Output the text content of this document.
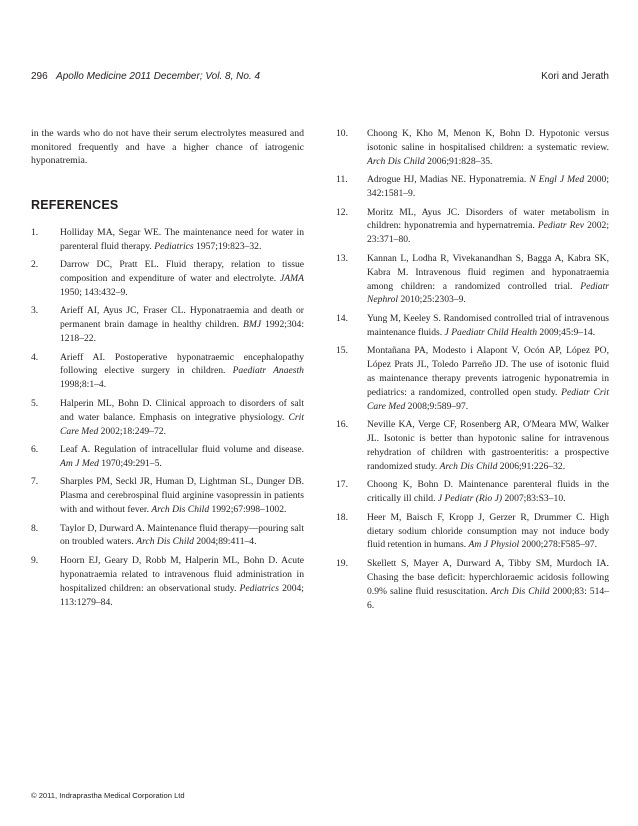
296 Apollo Medicine 2011 December; Vol. 8, No. 4	Kori and Jerath

in the wards who do not have their serum electrolytes measured and monitored frequently and have a higher chance of iatrogenic hyponatremia.

REFERENCES
1.	Holliday MA, Segar WE. The maintenance need for water in parenteral fluid therapy. Pediatrics 1957;19:823–32.
2.	Darrow DC, Pratt EL. Fluid therapy, relation to tissue composition and expenditure of water and electrolyte. JAMA 1950; 143:432–9.
3.	Arieff AI, Ayus JC, Fraser CL. Hyponatraemia and death or permanent brain damage in healthy children. BMJ 1992;304: 1218–22.
4.	Arieff AI. Postoperative hyponatraemic encephalopathy following elective surgery in children. Paediatr Anaesth 1998;8:1–4.
5.	Halperin ML, Bohn D. Clinical approach to disorders of salt and water balance. Emphasis on integrative physiology. Crit Care Med 2002;18:249–72.
6.	Leaf A. Regulation of intracellular fluid volume and disease. Am J Med 1970;49:291–5.
7.	Sharples PM, Seckl JR, Human D, Lightman SL, Dunger DB. Plasma and cerebrospinal fluid arginine vasopressin in patients with and without fever. Arch Dis Child 1992;67:998–1002.
8.	Taylor D, Durward A. Maintenance fluid therapy—pouring salt on troubled waters. Arch Dis Child 2004;89:411–4.
9.	Hoorn EJ, Geary D, Robb M, Halperin ML, Bohn D. Acute hyponatraemia related to intravenous fluid administration in hospitalized children: an observational study. Pediatrics 2004; 113:1279–84.
10.	Choong K, Kho M, Menon K, Bohn D. Hypotonic versus isotonic saline in hospitalised children: a systematic review. Arch Dis Child 2006;91:828–35.
11.	Adrogue HJ, Madias NE. Hyponatremia. N Engl J Med 2000; 342:1581–9.
12.	Moritz ML, Ayus JC. Disorders of water metabolism in children: hyponatremia and hypernatremia. Pediatr Rev 2002; 23:371–80.
13.	Kannan L, Lodha R, Vivekanandhan S, Bagga A, Kabra SK, Kabra M. Intravenous fluid regimen and hyponatraemia among children: a randomized controlled trial. Pediatr Nephrol 2010;25:2303–9.
14.	Yung M, Keeley S. Randomised controlled trial of intravenous maintenance fluids. J Paediatr Child Health 2009;45:9–14.
15.	Montañana PA, Modesto i Alapont V, Ocón AP, López PO, López Prats JL, Toledo Parreño JD. The use of isotonic fluid as maintenance therapy prevents iatrogenic hyponatremia in pediatrics: a randomized, controlled open study. Pediatr Crit Care Med 2008;9:589–97.
16.	Neville KA, Verge CF, Rosenberg AR, O'Meara MW, Walker JL. Isotonic is better than hypotonic saline for intravenous rehydration of children with gastroenteritis: a prospective randomized study. Arch Dis Child 2006;91:226–32.
17.	Choong K, Bohn D. Maintenance parenteral fluids in the critically ill child. J Pediatr (Rio J) 2007;83:S3–10.
18.	Heer M, Baisch F, Kropp J, Gerzer R, Drummer C. High dietary sodium chloride consumption may not induce body fluid retention in humans. Am J Physiol 2000;278:F585–97.
19.	Skellett S, Mayer A, Durward A, Tibby SM, Murdoch IA. Chasing the base deficit: hyperchloraemic acidosis following 0.9% saline fluid resuscitation. Arch Dis Child 2000;83: 514–6.
© 2011, Indraprastha Medical Corporation Ltd
